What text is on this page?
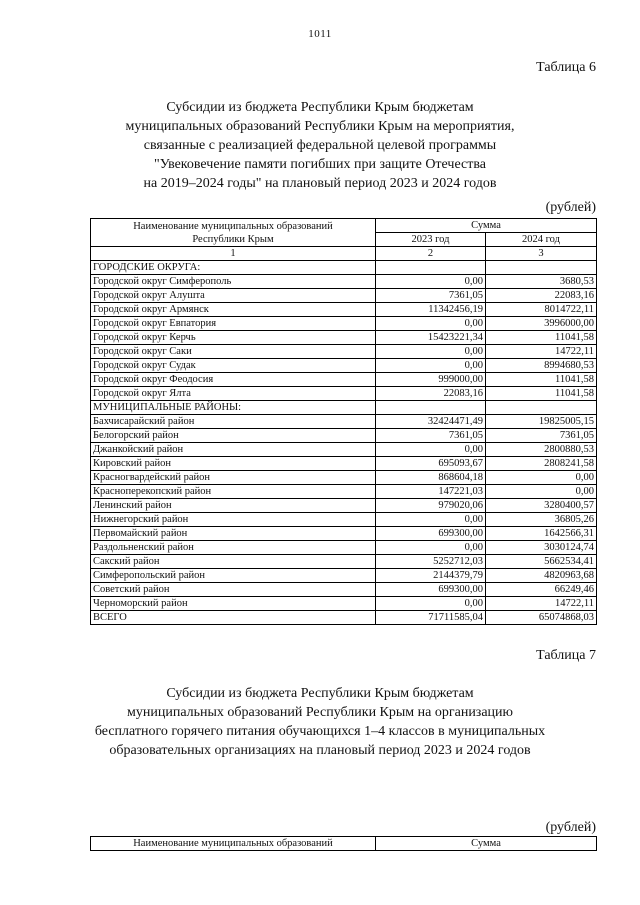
1011
Таблица 6
Субсидии из бюджета Республики Крым бюджетам
муниципальных образований Республики Крым на мероприятия,
связанные с реализацией федеральной целевой программы
"Увековечение памяти погибших при защите Отечества
на 2019–2024 годы" на плановый период 2023 и 2024 годов
(рублей)
Наименование муниципальных образований
Республики Крым	Сумма	
	2023 год	2024 год
1	2	3
ГОРОДСКИЕ ОКРУГА:		
Городской округ Симферополь	0,00	3680,53
Городской округ Алушта	7361,05	22083,16
Городской округ Армянск	11342456,19	8014722,11
Городской округ Евпатория	0,00	3996000,00
Городской округ Керчь	15423221,34	11041,58
Городской округ Саки	0,00	14722,11
Городской округ Судак	0,00	8994680,53
Городской округ Феодосия	999000,00	11041,58
Городской округ Ялта	22083,16	11041,58
МУНИЦИПАЛЬНЫЕ РАЙОНЫ:		
Бахчисарайский район	32424471,49	19825005,15
Белогорский район	7361,05	7361,05
Джанкойский район	0,00	2800880,53
Кировский район	695093,67	2808241,58
Красногвардейский район	868604,18	0,00
Красноперекопский район	147221,03	0,00
Ленинский район	979020,06	3280400,57
Нижнегорский район	0,00	36805,26
Первомайский район	699300,00	1642566,31
Раздольненский район	0,00	3030124,74
Сакский район	5252712,03	5662534,41
Симферопольский район	2144379,79	4820963,68
Советский район	699300,00	66249,46
Черноморский район	0,00	14722,11
ВСЕГО	71711585,04	65074868,03
Таблица 7
Субсидии из бюджета Республики Крым бюджетам
муниципальных образований Республики Крым на организацию
бесплатного горячего питания обучающихся 1–4 классов в муниципальных
образовательных организациях на плановый период 2023 и 2024 годов
(рублей)
Наименование муниципальных образований	Сумма
